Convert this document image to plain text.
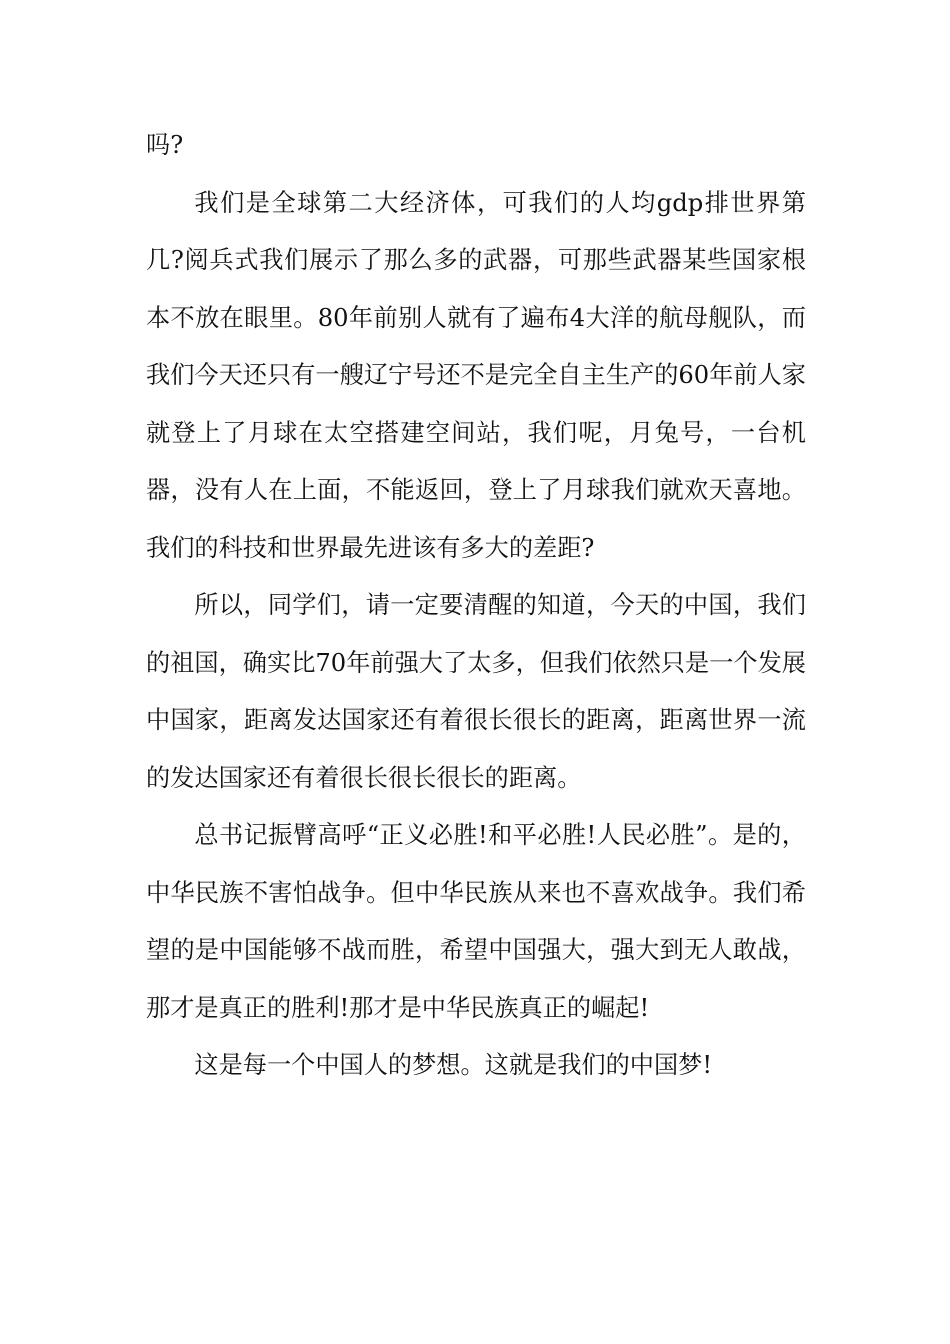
吗?

我们是全球第二大经济体，可我们的人均gdp排世界第几?阅兵式我们展示了那么多的武器，可那些武器某些国家根本不放在眼里。80年前别人就有了遍布4大洋的航母舰队，而我们今天还只有一艘辽宁号还不是完全自主生产的60年前人家就登上了月球在太空搭建空间站，我们呢，月兔号，一台机器，没有人在上面，不能返回，登上了月球我们就欢天喜地。我们的科技和世界最先进该有多大的差距?

所以，同学们，请一定要清醒的知道，今天的中国，我们的祖国，确实比70年前强大了太多，但我们依然只是一个发展中国家，距离发达国家还有着很长很长的距离，距离世界一流的发达国家还有着很长很长很长的距离。

总书记振臂高呼“正义必胜!和平必胜!人民必胜”。是的，中华民族不害怕战争。但中华民族从来也不喜欢战争。我们希望的是中国能够不战而胜，希望中国强大，强大到无人敢战，那才是真正的胜利!那才是中华民族真正的崛起!

这是每一个中国人的梦想。这就是我们的中国梦!
